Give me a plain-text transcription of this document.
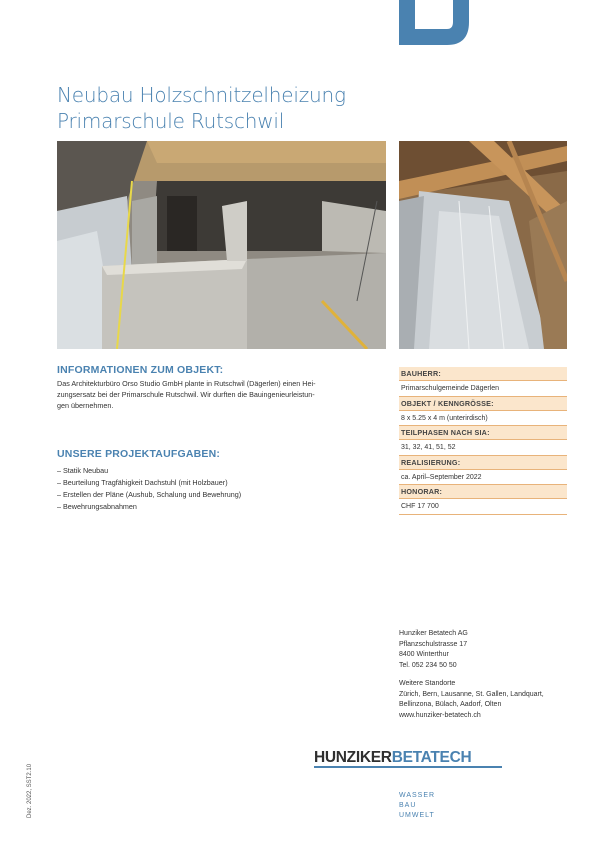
Neubau Holzschnitzelheizung
Primarschule Rutschwil
INFORMATIONEN ZUM OBJEKT:
Das Architekturbüro Orso Studio GmbH plante in Rutschwil (Dägerlen) einen Hei-
zungsersatz bei der Primarschule Rutschwil. Wir durften die Bauingenieurleistun-
gen übernehmen.
UNSERE PROJEKTAUFGABEN:
– Statik Neubau
– Beurteilung Tragfähigkeit Dachstuhl (mit Holzbauer)
– Erstellen der Pläne (Aushub, Schalung und Bewehrung)
– Bewehrungsabnahmen
BAUHERR:
Primarschulgemeinde Dägerlen
OBJEKT / KENNGRÖSSE:
8 x 5.25 x 4 m (unterirdisch)
TEILPHASEN NACH SIA:
31, 32, 41, 51, 52
REALISIERUNG:
ca. April–September 2022
HONORAR:
CHF 17 700
Hunziker Betatech AG
Pflanzschulstrasse 17
8400 Winterthur
Tel. 052 234 50 50
Weitere Standorte
Zürich, Bern, Lausanne, St. Gallen, Landquart,
Bellinzona, Bülach, Aadorf, Olten
www.hunziker-betatech.ch
HUNZIKERBETATECH
WASSER
BAU
UMWELT
Dez. 2022, SST2.10
